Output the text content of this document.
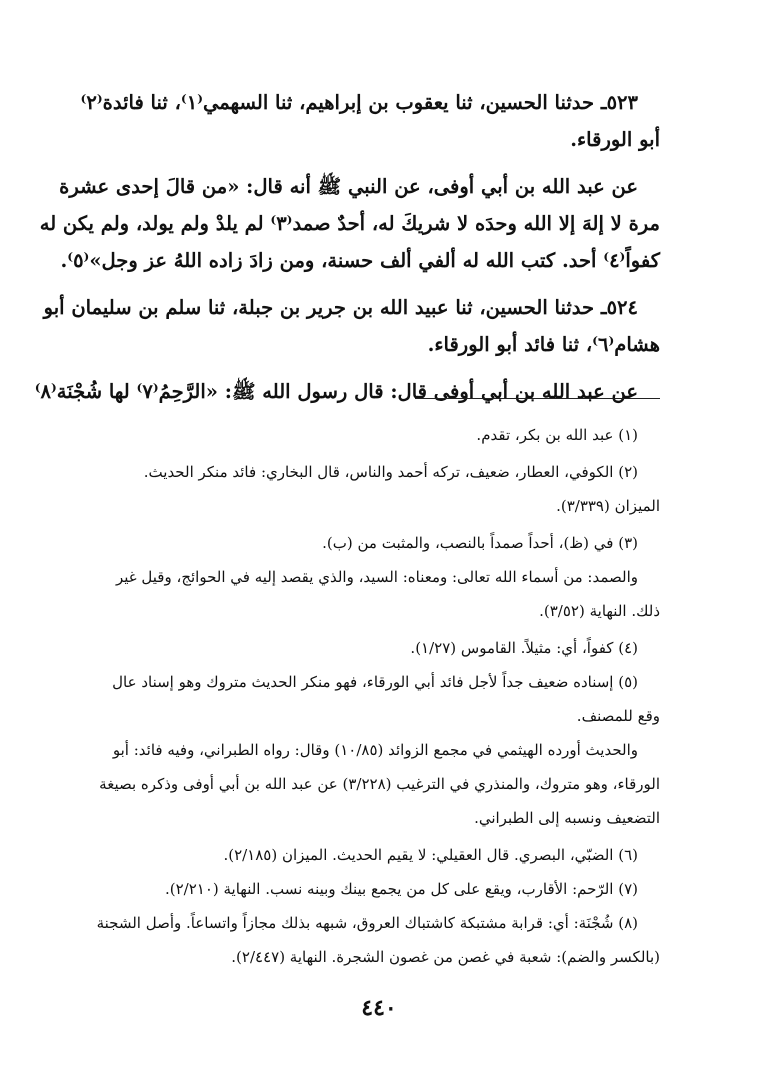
٥٢٣ـ حدثنا الحسين، ثنا يعقوب بن إبراهيم، ثنا السهمي⁽١⁾، ثنا فائدة⁽٢⁾
أبو الورقاء.

عن عبد الله بن أبي أوفى، عن النبي ﷺ أنه قال: «من قالَ إحدى عشرة
مرة لا إلهَ إلا الله وحدَه لا شريكَ له، أحدٌ صمد⁽٣⁾ لم يلدْ ولم يولد، ولم يكن له
كفواً⁽٤⁾ أحد. كتب الله له ألفي ألف حسنة، ومن زادَ زاده اللهُ عز وجل»⁽٥⁾.

٥٢٤ـ حدثنا الحسين، ثنا عبيد الله بن جرير بن جبلة، ثنا سلم بن سليمان أبو
هشام⁽٦⁾، ثنا فائد أبو الورقاء.

عن عبد الله بن أبي أوفى قال: قال رسول الله ﷺ: «الرَّحِمُ⁽٧⁾ لها شُجْنَة⁽٨⁾

(١) عبد الله بن بكر، تقدم.
(٢) الكوفي، العطار، ضعيف، تركه أحمد والناس، قال البخاري: فائد منكر الحديث.
الميزان (٣/٣٣٩).
(٣) في (ظ)، أحداً صمداً بالنصب، والمثبت من (ب).
والصمد: من أسماء الله تعالى: ومعناه: السيد، والذي يقصد إليه في الحوائج، وقيل غير
ذلك. النهاية (٣/٥٢).
(٤) كفواً، أي: مثيلاً. القاموس (١/٢٧).
(٥) إسناده ضعيف جداً لأجل فائد أبي الورقاء، فهو منكر الحديث متروك وهو إسناد عال
وقع للمصنف.
والحديث أورده الهيثمي في مجمع الزوائد (١٠/٨٥) وقال: رواه الطبراني، وفيه فائد: أبو
الورقاء، وهو متروك، والمنذري في الترغيب (٣/٢٢٨) عن عبد الله بن أبي أوفى وذكره بصيغة
التضعيف ونسبه إلى الطبراني.
(٦) الضبّي، البصري. قال العقيلي: لا يقيم الحديث. الميزان (٢/١٨٥).
(٧) الرّحم: الأقارب، ويقع على كل من يجمع بينك وبينه نسب. النهاية (٢/٢١٠).
(٨) شُجْنَة: أي: قرابة مشتبكة كاشتباك العروق، شبهه بذلك مجازاً واتساعاً. وأصل الشجنة
(بالكسر والضم): شعبة في غصن من غصون الشجرة. النهاية (٢/٤٤٧).
٤٤٠
